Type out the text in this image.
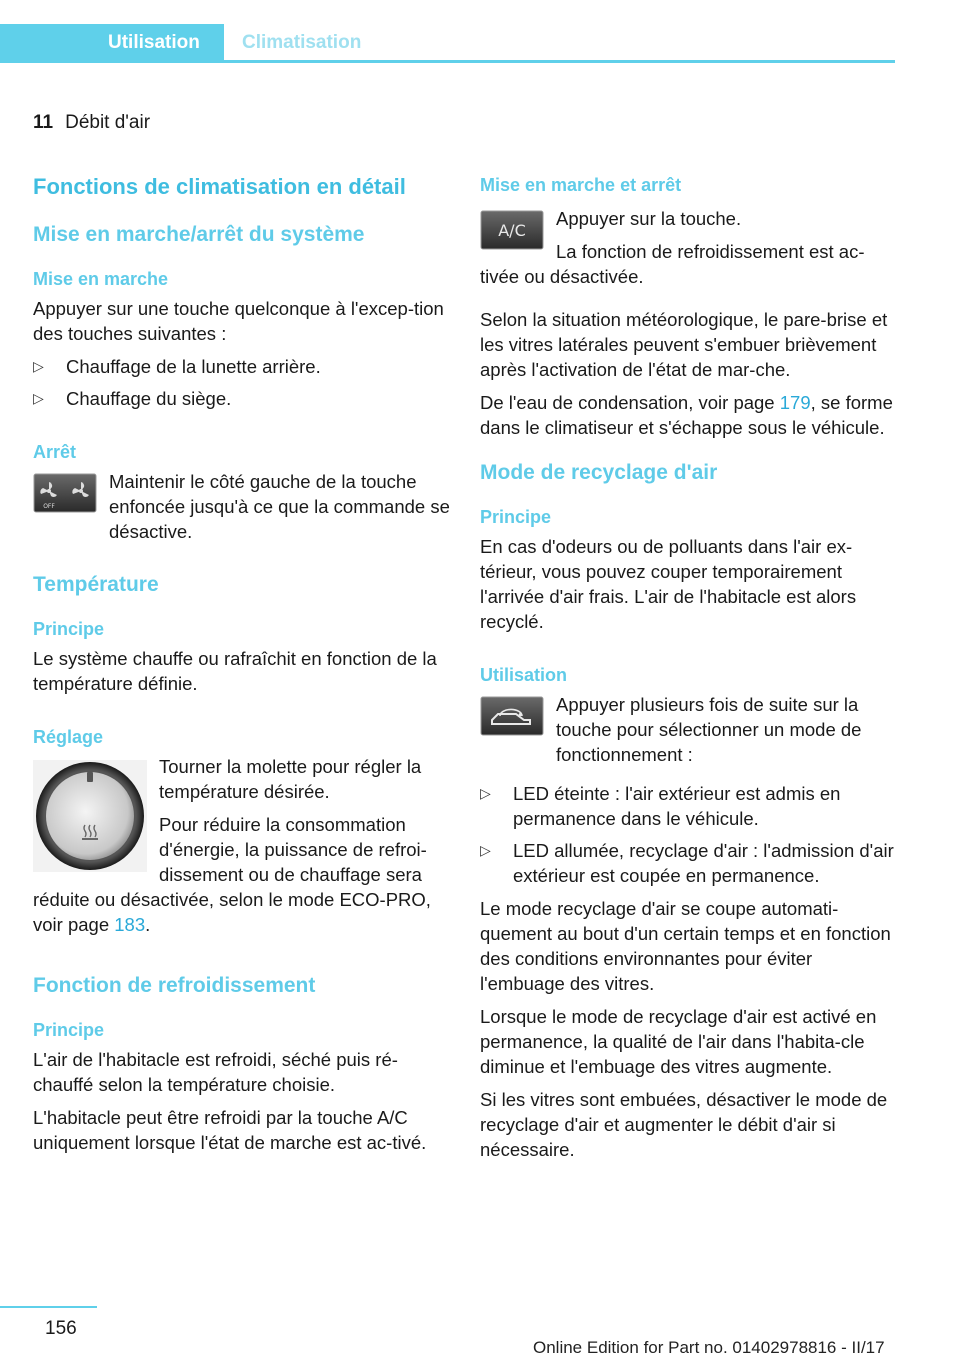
Utilisation	Climatisation
11 Débit d'air
Fonctions de climatisation en détail
Mise en marche/arrêt du système
Mise en marche

Appuyer sur une touche quelconque à l'excep-tion des touches suivantes :

▷ Chauffage de la lunette arrière.
▷ Chauffage du siège.
Arrêt
OFF

Maintenir le côté gauche de la touche enfoncée jusqu'à ce que la commande se désactive.

Température
Principe

Le système chauffe ou rafraîchit en fonction de la température définie.

Réglage

Tourner la molette pour régler la température désirée.

Pour réduire la consommation d'énergie, la puissance de refroi-dissement ou de chauffage sera réduite ou désactivée, selon le mode ECO-PRO, voir page 183.

Fonction de refroidissement
Principe

L'air de l'habitacle est refroidi, séché puis ré-chauffé selon la température choisie.

L'habitacle peut être refroidi par la touche A/C uniquement lorsque l'état de marche est ac-tivé.

Mise en marche et arrêt
A/C

Appuyer sur la touche.

La fonction de refroidissement est ac-tivée ou désactivée.

Selon la situation météorologique, le pare-brise et les vitres latérales peuvent s'embuer brièvement après l'activation de l'état de mar-che.

De l'eau de condensation, voir page 179, se forme dans le climatiseur et s'échappe sous le véhicule.

Mode de recyclage d'air
Principe

En cas d'odeurs ou de polluants dans l'air ex-térieur, vous pouvez couper temporairement l'arrivée d'air frais. L'air de l'habitacle est alors recyclé.

Utilisation

Appuyer plusieurs fois de suite sur la touche pour sélectionner un mode de fonctionnement :

▷ LED éteinte : l'air extérieur est admis en permanence dans le véhicule.
▷ LED allumée, recyclage d'air : l'admission d'air extérieur est coupée en permanence.

Le mode recyclage d'air se coupe automati-quement au bout d'un certain temps et en fonction des conditions environnantes pour éviter l'embuage des vitres.

Lorsque le mode de recyclage d'air est activé en permanence, la qualité de l'air dans l'habita-cle diminue et l'embuage des vitres augmente.

Si les vitres sont embuées, désactiver le mode de recyclage d'air et augmenter le débit d'air si nécessaire.

156
Online Edition for Part no. 01402978816 - II/17
